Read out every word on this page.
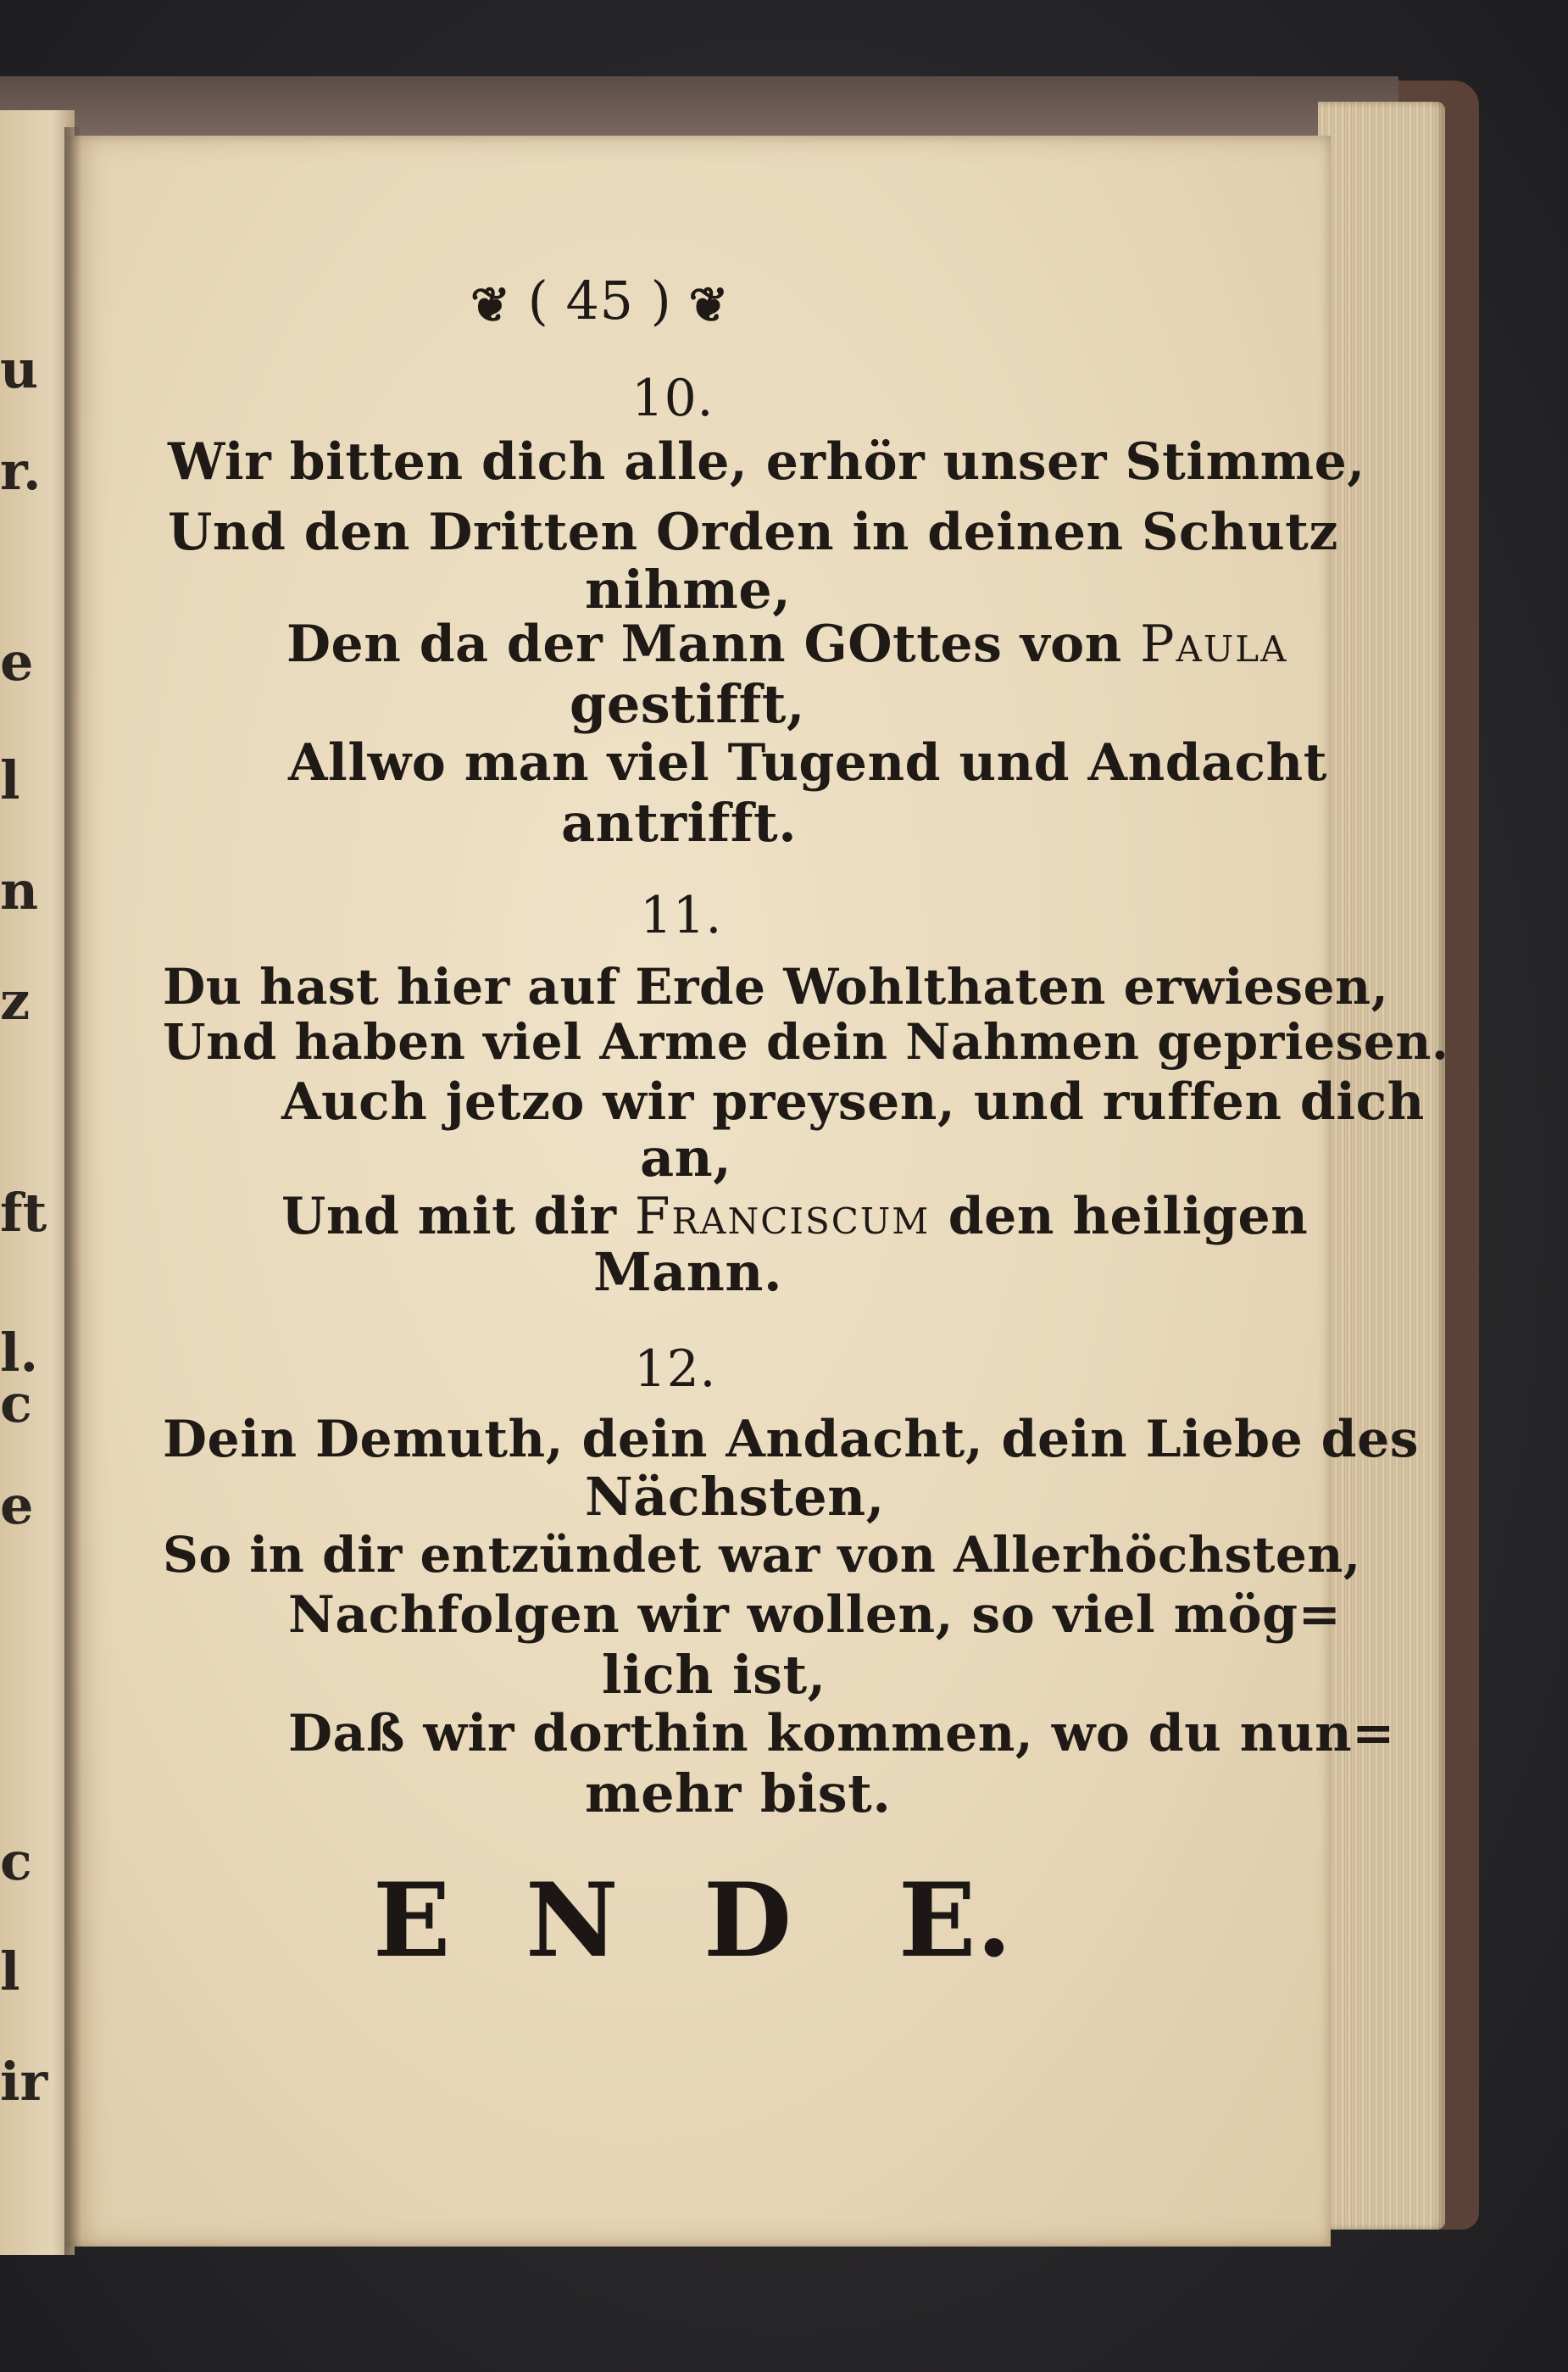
u
r.
e
l
n
z
ft
l.
c
e
c
l
ir
❦ ( 45 ) ❦
10.
Wir bitten dich alle, erhör unser Stimme,
Und den Dritten Orden in deinen Schutz
nihme,
Den da der Mann GOttes von Paula
gestifft,
Allwo man viel Tugend und Andacht
antrifft.
11.
Du hast hier auf Erde Wohlthaten erwiesen,
Und haben viel Arme dein Nahmen gepriesen.
Auch jetzo wir preysen, und ruffen dich
an,
Und mit dir Franciscum den heiligen
Mann.
12.
Dein Demuth, dein Andacht, dein Liebe des
Nächsten,
So in dir entzündet war von Allerhöchsten,
Nachfolgen wir wollen, so viel mög=
lich ist,
Daß wir dorthin kommen, wo du nun=
mehr bist.
E N D E.
